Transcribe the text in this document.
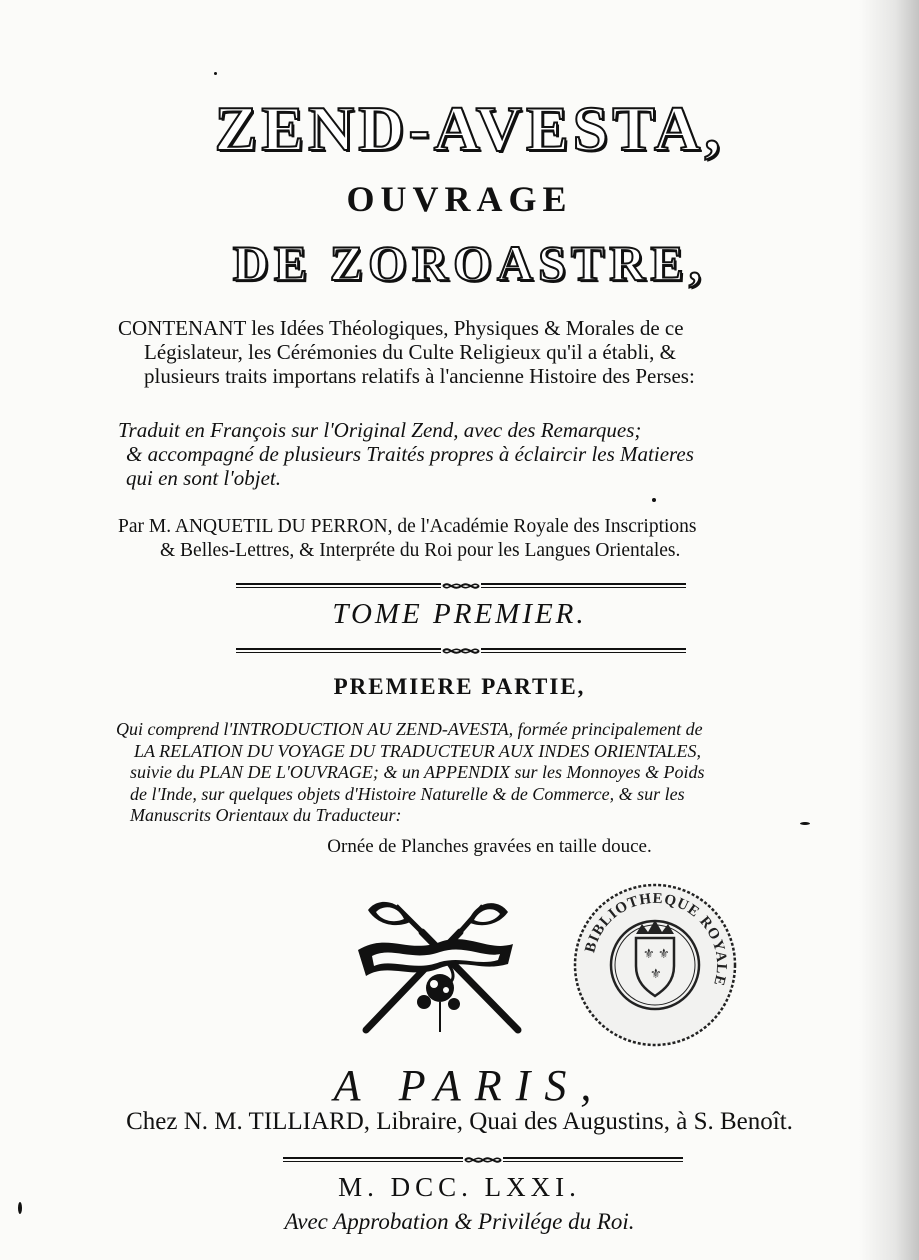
ZEND-AVESTA,
OUVRAGE
DE ZOROASTRE,
CONTENANT les Idées Théologiques, Physiques & Morales de ce
Législateur, les Cérémonies du Culte Religieux qu'il a établi, &
plusieurs traits importans relatifs à l'ancienne Histoire des Perses:
Traduit en François sur l'Original Zend, avec des Remarques;
& accompagné de plusieurs Traités propres à éclaircir les Matieres
qui en sont l'objet.
Par M. ANQUETIL DU PERRON, de l'Académie Royale des Inscriptions
& Belles-Lettres, & Interpréte du Roi pour les Langues Orientales.
TOME PREMIER.
PREMIERE PARTIE,
Qui comprend l'INTRODUCTION AU ZEND-AVESTA, formée principalement de
LA RELATION DU VOYAGE DU TRADUCTEUR AUX INDES ORIENTALES,
suivie du PLAN DE L'OUVRAGE; & un APPENDIX sur les Monnoyes & Poids
de l'Inde, sur quelques objets d'Histoire Naturelle & de Commerce, & sur les
Manuscrits Orientaux du Traducteur:
Ornée de Planches gravées en taille douce.
BIBLIOTHEQUE ROYALE
⚜ ⚜
⚜
A PARIS,
Chez N. M. TILLIARD, Libraire, Quai des Augustins, à S. Benoît.
M. DCC. LXXI.
Avec Approbation & Privilége du Roi.
